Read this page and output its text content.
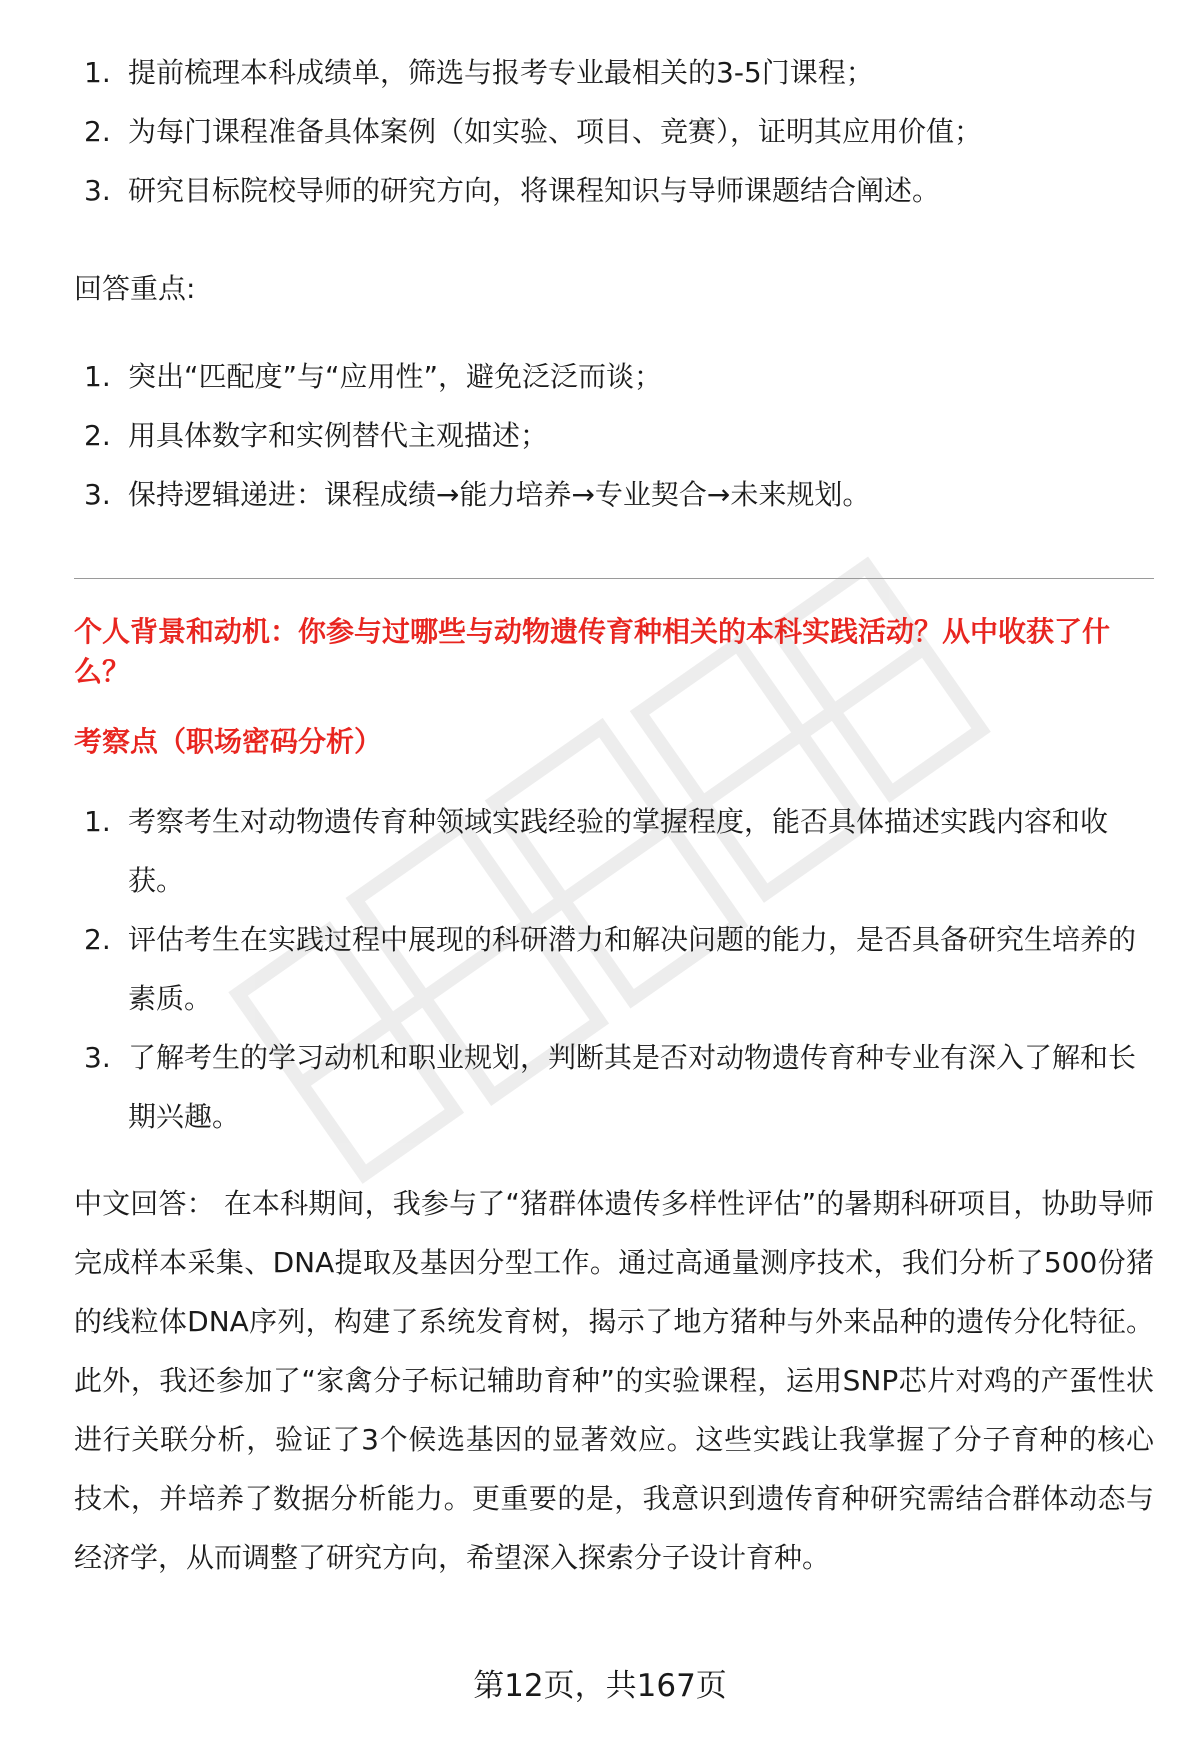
1. 提前梳理本科成绩单，筛选与报考专业最相关的3-5门课程；
2. 为每门课程准备具体案例（如实验、项目、竞赛），证明其应用价值；
3. 研究目标院校导师的研究方向，将课程知识与导师课题结合阐述。

回答重点:

1. 突出“匹配度”与“应用性”，避免泛泛而谈；
2. 用具体数字和实例替代主观描述；
3. 保持逻辑递进：课程成绩→能力培养→专业契合→未来规划。

个人背景和动机：你参与过哪些与动物遗传育种相关的本科实践活动？从中收获了什么？

考察点（职场密码分析）

1. 考察考生对动物遗传育种领域实践经验的掌握程度，能否具体描述实践内容和收获。
2. 评估考生在实践过程中展现的科研潜力和解决问题的能力，是否具备研究生培养的素质。
3. 了解考生的学习动机和职业规划，判断其是否对动物遗传育种专业有深入了解和长期兴趣。

中文回答： 在本科期间，我参与了“猪群体遗传多样性评估”的暑期科研项目，协助导师完成样本采集、DNA提取及基因分型工作。通过高通量测序技术，我们分析了500份猪的线粒体DNA序列，构建了系统发育树，揭示了地方猪种与外来品种的遗传分化特征。此外，我还参加了“家禽分子标记辅助育种”的实验课程，运用SNP芯片对鸡的产蛋性状进行关联分析，验证了3个候选基因的显著效应。这些实践让我掌握了分子育种的核心技术，并培养了数据分析能力。更重要的是，我意识到遗传育种研究需结合群体动态与经济学，从而调整了研究方向，希望深入探索分子设计育种。

第12页，共167页
